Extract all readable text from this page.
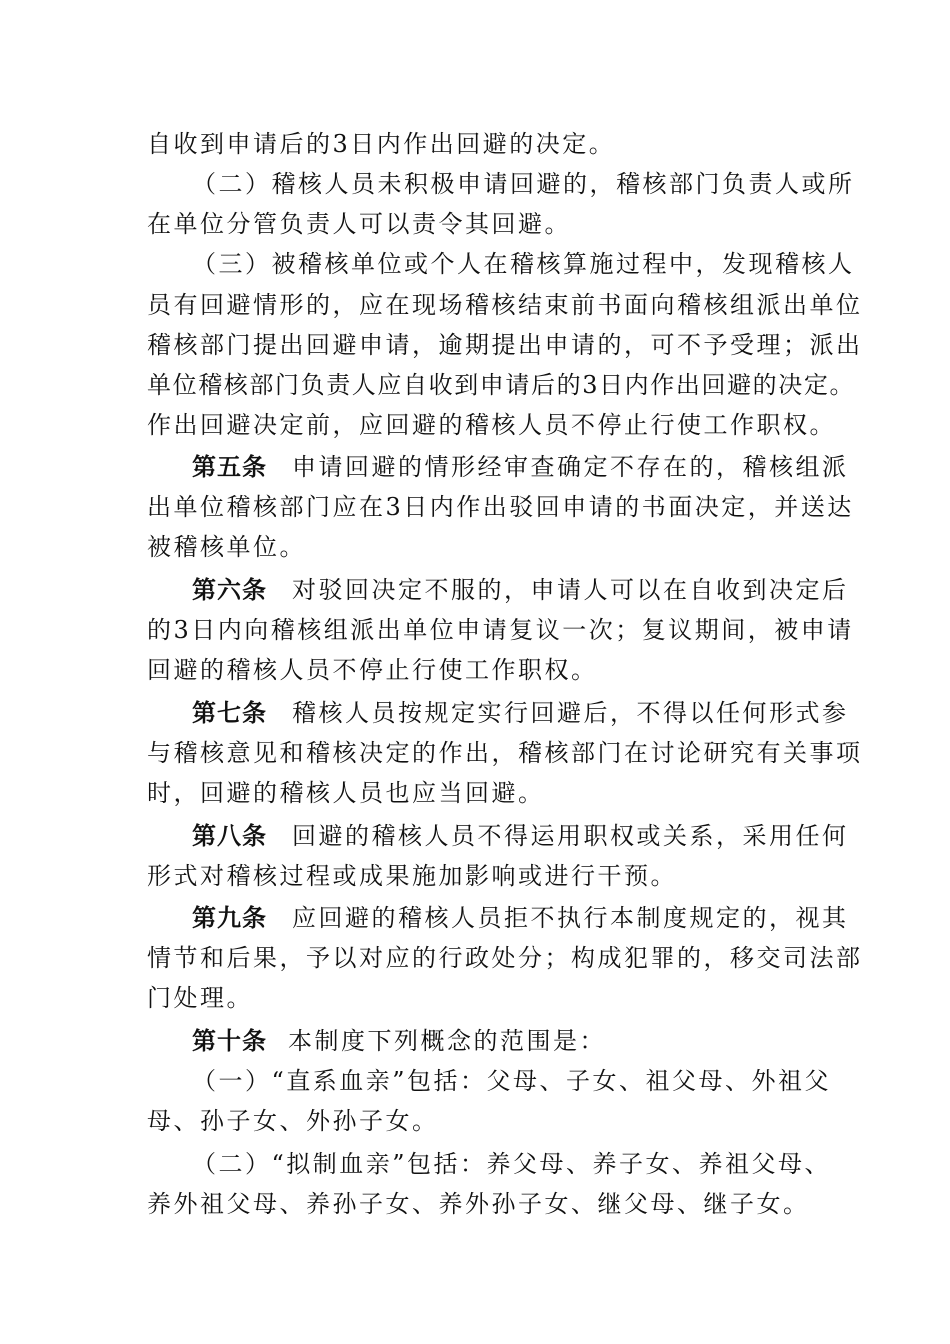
自收到申请后的3日内作出回避的决定。
（二）稽核人员未积极申请回避的，稽核部门负责人或所
在单位分管负责人可以责令其回避。
（三）被稽核单位或个人在稽核算施过程中，发现稽核人
员有回避情形的，应在现场稽核结束前书面向稽核组派出单位
稽核部门提出回避申请，逾期提出申请的，可不予受理；派出
单位稽核部门负责人应自收到申请后的3日内作出回避的决定。
作出回避决定前，应回避的稽核人员不停止行使工作职权。
第五条 申请回避的情形经审查确定不存在的，稽核组派
出单位稽核部门应在3日内作出驳回申请的书面决定，并送达
被稽核单位。
第六条 对驳回决定不服的，申请人可以在自收到决定后
的3日内向稽核组派出单位申请复议一次；复议期间，被申请
回避的稽核人员不停止行使工作职权。
第七条 稽核人员按规定实行回避后，不得以任何形式参
与稽核意见和稽核决定的作出，稽核部门在讨论研究有关事项
时，回避的稽核人员也应当回避。
第八条 回避的稽核人员不得运用职权或关系，采用任何
形式对稽核过程或成果施加影响或进行干预。
第九条 应回避的稽核人员拒不执行本制度规定的，视其
情节和后果，予以对应的行政处分；构成犯罪的，移交司法部
门处理。
第十条 本制度下列概念的范围是：
（一）“直系血亲”包括：父母、子女、祖父母、外祖父
母、孙子女、外孙子女。
（二）“拟制血亲”包括：养父母、养子女、养祖父母、
养外祖父母、养孙子女、养外孙子女、继父母、继子女。
